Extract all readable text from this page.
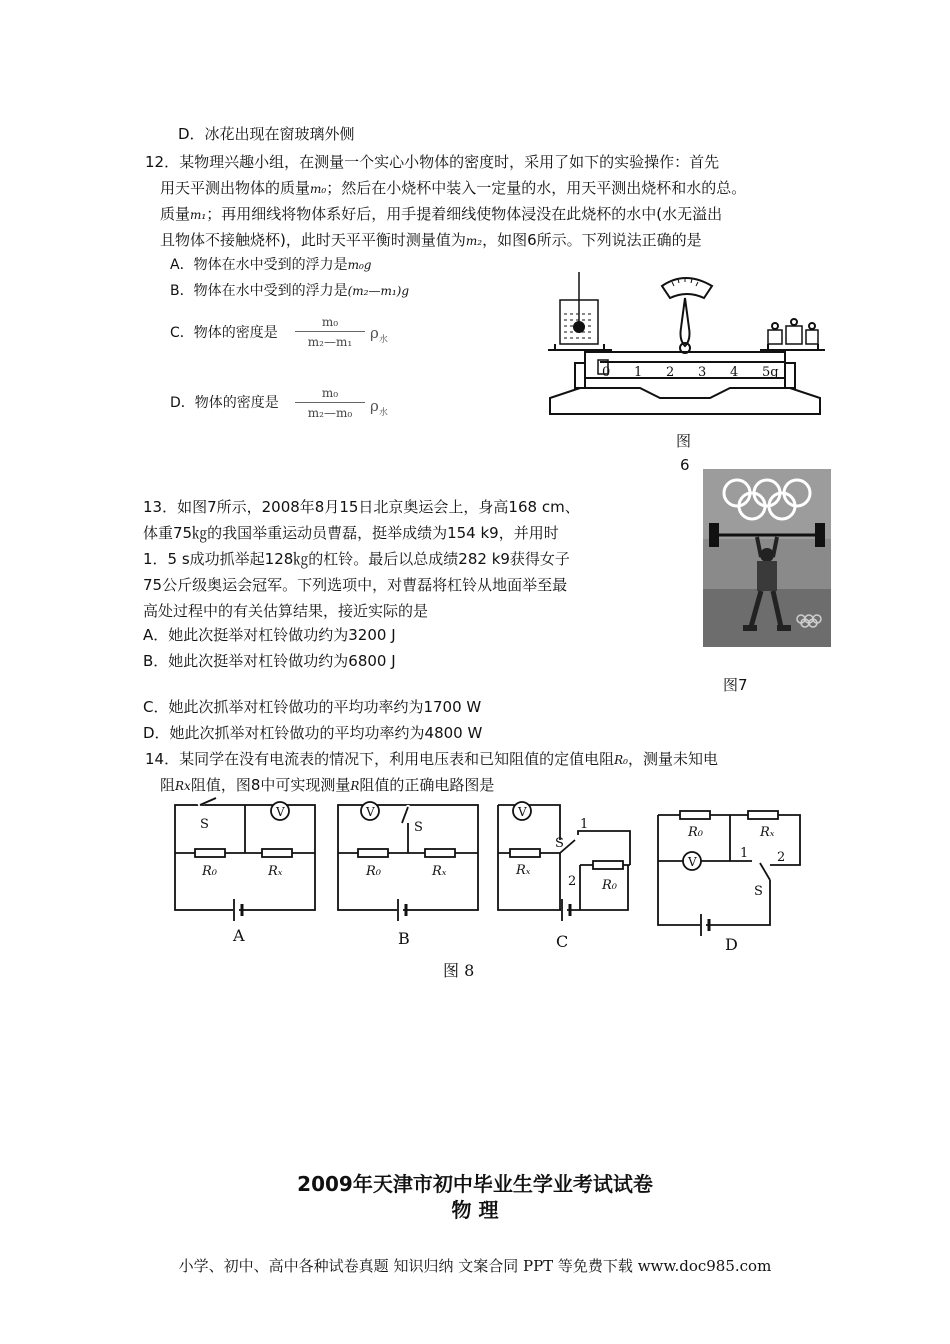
D．冰花出现在窗玻璃外侧
12．某物理兴趣小组，在测量一个实心小物体的密度时，采用了如下的实验操作：首先
用天平测出物体的质量m₀；然后在小烧杯中装入一定量的水，用天平测出烧杯和水的总。
质量m₁；再用细线将物体系好后，用手提着细线使物体浸没在此烧杯的水中(水无溢出
且物体不接触烧杯)，此时天平平衡时测量值为m₂，如图6所示。下列说法正确的是
A．物体在水中受到的浮力是m₀g
B．物体在水中受到的浮力是(m₂—m₁)g
C．物体的密度是 $\frac{\text{m₀}}{\text{m₂—m₁}} \rho_水$
D．物体的密度是 $\frac{\text{m₀}}{\text{m₂—m₀}} \rho_水$
0 1 2 3 4 5g
图
6
13．如图7所示，2008年8月15日北京奥运会上，身高168 cm、
体重75㎏的我国举重运动员曹磊，挺举成绩为154 k9，并用时
1．5 s成功抓举起128㎏的杠铃。最后以总成绩282 k9获得女子
75公斤级奥运会冠军。下列选项中，对曹磊将杠铃从地面举至最
高处过程中的有关估算结果，接近实际的是
A．她此次挺举对杠铃做功约为3200 J
B．她此次挺举对杠铃做功约为6800 J
C．她此次抓举对杠铃做功的平均功率约为1700 W
D．她此次抓举对杠铃做功的平均功率约为4800 W
图7
14．某同学在没有电流表的情况下，利用电压表和已知阻值的定值电阻R₀，测量未知电
阻Rx阻值，图8中可实现测量R阻值的正确电路图是
V
S
R₀	Rₓ
A
V
S
R₀	Rₓ
B
V
S
1
2
Rₓ
R₀
C
R₀	Rₓ
V
1 2
S
D
图 8
2009年天津市初中毕业生学业考试试卷
物 理
小学、初中、高中各种试卷真题 知识归纳 文案合同 PPT 等免费下载 www.doc985.com
